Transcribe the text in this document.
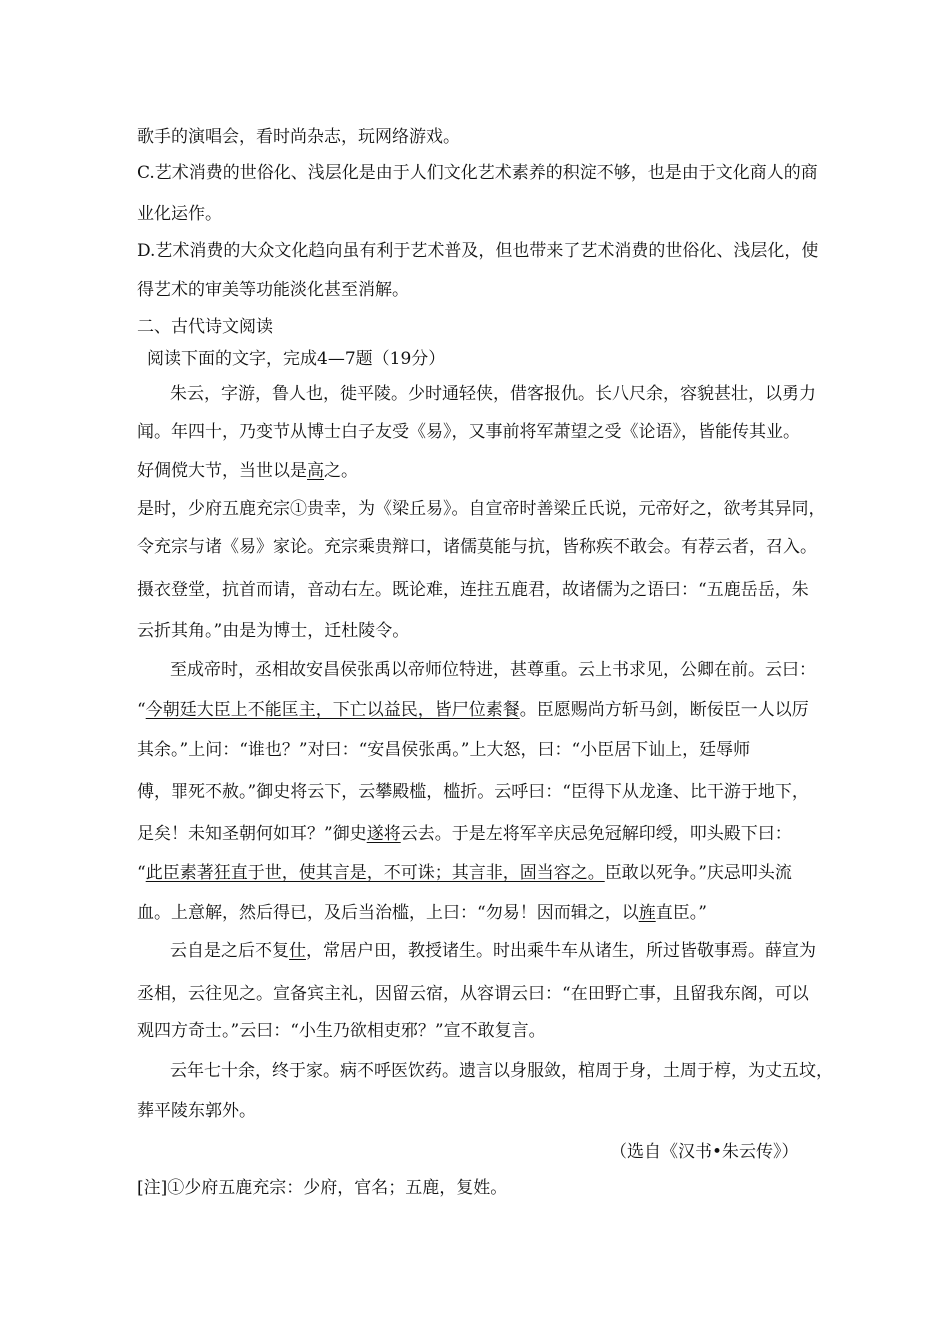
歌手的演唱会，看时尚杂志，玩网络游戏。
C.艺术消费的世俗化、浅层化是由于人们文化艺术素养的积淀不够，也是由于文化商人的商
业化运作。
D.艺术消费的大众文化趋向虽有利于艺术普及，但也带来了艺术消费的世俗化、浅层化，使
得艺术的审美等功能淡化甚至消解。
二、古代诗文阅读
阅读下面的文字，完成4—7题（19分）
朱云，字游，鲁人也，徙平陵。少时通轻侠，借客报仇。长八尺余，容貌甚壮，以勇力
闻。年四十，乃变节从博士白子友受《易》，又事前将军萧望之受《论语》，皆能传其业。
好倜傥大节，当世以是高之。
是时，少府五鹿充宗①贵幸，为《梁丘易》。自宣帝时善梁丘氏说，元帝好之，欲考其异同，
令充宗与诸《易》家论。充宗乘贵辩口，诸儒莫能与抗，皆称疾不敢会。有荐云者，召入。
摄衣登堂，抗首而请，音动右左。既论难，连拄五鹿君，故诸儒为之语曰：“五鹿岳岳，朱
云折其角。”由是为博士，迁杜陵令。
至成帝时，丞相故安昌侯张禹以帝师位特进，甚尊重。云上书求见，公卿在前。云曰：
“今朝廷大臣上不能匡主，下亡以益民，皆尸位素餐。臣愿赐尚方斩马剑，断佞臣一人以厉
其余。”上问：“谁也？”对曰：“安昌侯张禹。”上大怒，曰：“小臣居下讪上，廷辱师
傅，罪死不赦。”御史将云下，云攀殿槛，槛折。云呼曰：“臣得下从龙逢、比干游于地下，
足矣！未知圣朝何如耳？”御史遂将云去。于是左将军辛庆忌免冠解印绶，叩头殿下曰：
“此臣素著狂直于世，使其言是，不可诛；其言非，固当容之。臣敢以死争。”庆忌叩头流
血。上意解，然后得已，及后当治槛，上曰：“勿易！因而辑之，以旌直臣。”
云自是之后不复仕，常居户田，教授诸生。时出乘牛车从诸生，所过皆敬事焉。薛宣为
丞相，云往见之。宣备宾主礼，因留云宿，从容谓云曰：“在田野亡事，且留我东阁，可以
观四方奇士。”云曰：“小生乃欲相吏邪？”宣不敢复言。
云年七十余，终于家。病不呼医饮药。遗言以身服敛，棺周于身，土周于椁，为丈五坟，
葬平陵东郭外。
（选自《汉书•朱云传》）
[注]①少府五鹿充宗：少府，官名；五鹿，复姓。
